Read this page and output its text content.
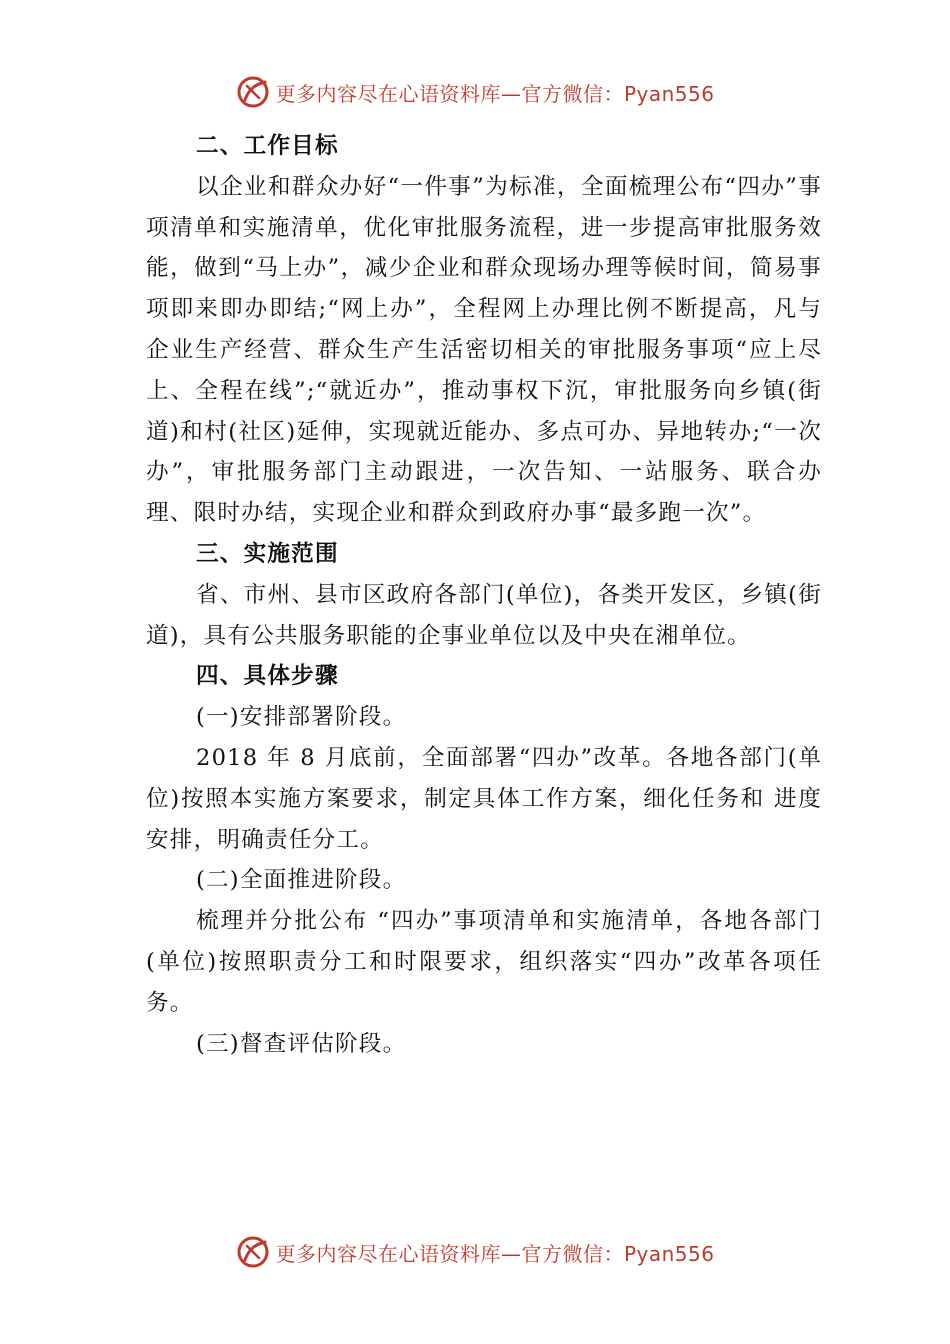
更多内容尽在心语资料库—官方微信：Pyan556

二、工作目标

以企业和群众办好“一件事”为标准，全面梳理公布“四办”事项清单和实施清单，优化审批服务流程，进一步提高审批服务效能，做到“马上办”，减少企业和群众现场办理等候时间，简易事项即来即办即结;“网上办”，全程网上办理比例不断提高，凡与企业生产经营、群众生产生活密切相关的审批服务事项“应上尽上、全程在线”;“就近办”，推动事权下沉，审批服务向乡镇(街道)和村(社区)延伸，实现就近能办、多点可办、异地转办;“一次办”，审批服务部门主动跟进，一次告知、一站服务、联合办理、限时办结，实现企业和群众到政府办事“最多跑一次”。

三、实施范围

省、市州、县市区政府各部门(单位)，各类开发区，乡镇(街道)，具有公共服务职能的企事业单位以及中央在湘单位。

四、具体步骤

(一)安排部署阶段。

2018 年 8 月底前，全面部署“四办”改革。各地各部门(单位)按照本实施方案要求，制定具体工作方案，细化任务和 进度安排，明确责任分工。

(二)全面推进阶段。

梳理并分批公布 “四办”事项清单和实施清单，各地各部门(单位)按照职责分工和时限要求，组织落实“四办”改革各项任务。

(三)督查评估阶段。

更多内容尽在心语资料库—官方微信：Pyan556
